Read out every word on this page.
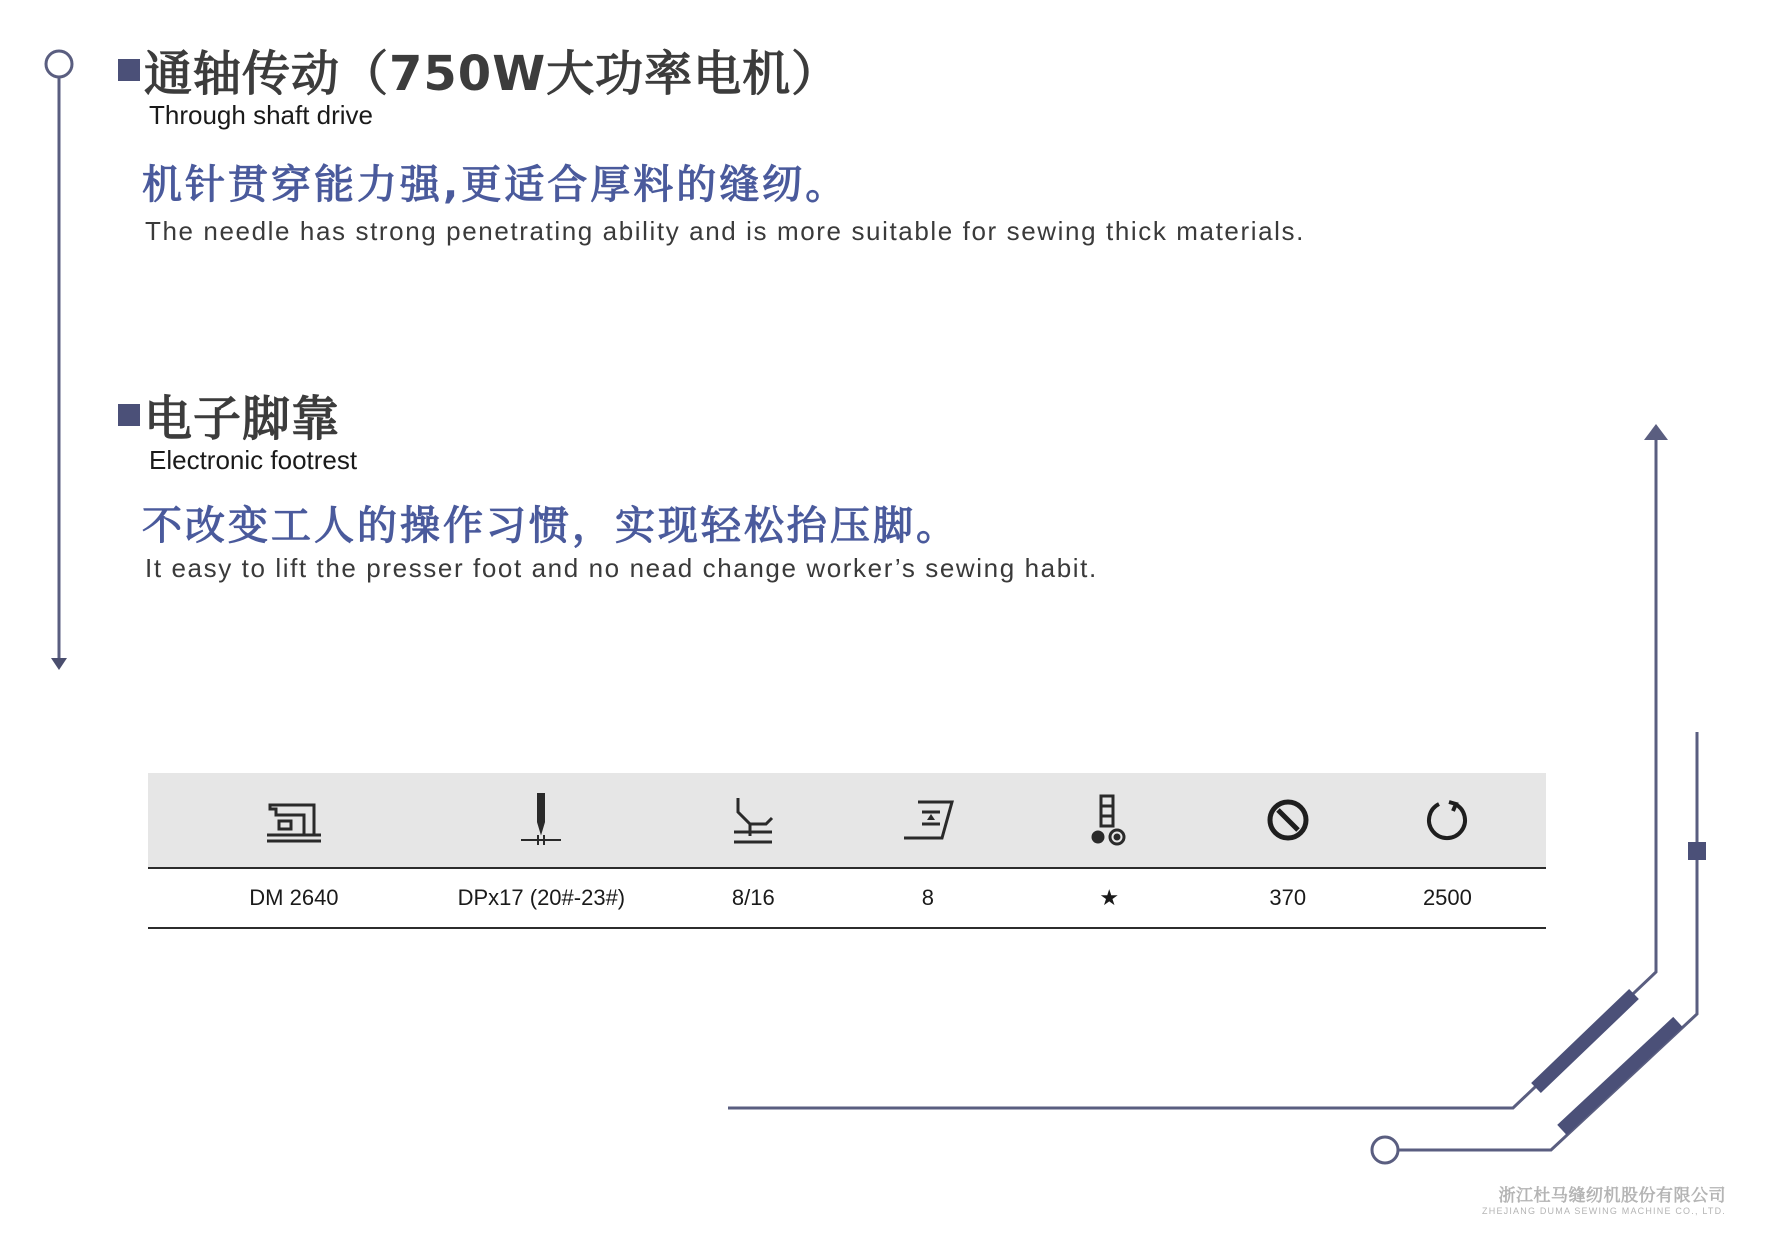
通轴传动（750W大功率电机）
Through shaft drive
机针贯穿能力强,更适合厚料的缝纫。
The needle has strong penetrating ability and is more suitable for sewing thick materials.
电子脚靠
Electronic footrest
不改变工人的操作习惯，实现轻松抬压脚。
It easy to lift the presser foot and no nead change worker’s sewing habit.
DM 2640	DPx17 (20#-23#)	8/16	8	★	370	2500
浙江杜马缝纫机股份有限公司
ZHEJIANG DUMA SEWING MACHINE CO., LTD.
